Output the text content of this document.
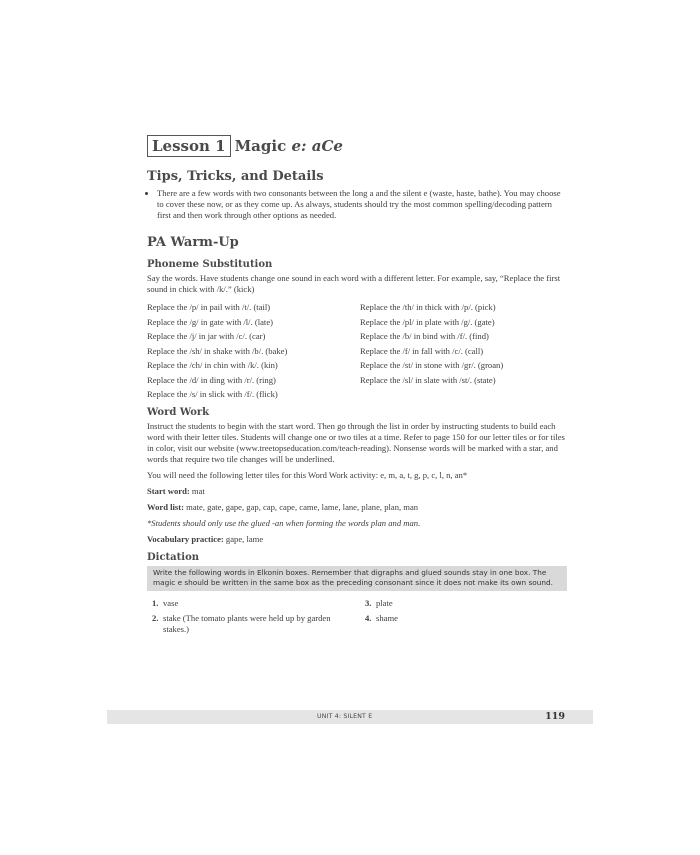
Lesson 1 Magic e: aCe
Tips, Tricks, and Details
• There are a few words with two consonants between the long a and the silent e (waste, haste, bathe). You may choose to cover these now, or as they come up. As always, students should try the most common spelling/decoding pattern first and then work through other options as needed.
PA Warm-Up
Phoneme Substitution

Say the words. Have students change one sound in each word with a different letter. For example, say, “Replace the first sound in chick with /k/.” (kick)

Replace the /p/ in pail with /t/. (tail)
Replace the /g/ in gate with /l/. (late)
Replace the /j/ in jar with /c/. (car)
Replace the /sh/ in shake with /b/. (bake)
Replace the /ch/ in chin with /k/. (kin)
Replace the /d/ in ding with /r/. (ring)
Replace the /s/ in slick with /f/. (flick)
Replace the /th/ in thick with /p/. (pick)
Replace the /pl/ in plate with /g/. (gate)
Replace the /b/ in bind with /f/. (find)
Replace the /f/ in fall with /c/. (call)
Replace the /st/ in stone with /gr/. (groan)
Replace the /sl/ in slate with /st/. (state)
Word Work

Instruct the students to begin with the start word. Then go through the list in order by instructing students to build each word with their letter tiles. Students will change one or two tiles at a time. Refer to page 150 for our letter tiles or for tiles in color, visit our website (www.treetopseducation.com/teach-reading). Nonsense words will be marked with a star, and words that require two tile changes will be underlined.

You will need the following letter tiles for this Word Work activity: e, m, a, t, g, p, c, l, n, an*

Start word: mat

Word list: mate, gate, gape, gap, cap, cape, came, lame, lane, plane, plan, man

*Students should only use the glued -an when forming the words plan and man.

Vocabulary practice: gape, lame

Dictation
Write the following words in Elkonin boxes. Remember that digraphs and glued sounds stay in one box. The magic e should be written in the same box as the preceding consonant since it does not make its own sound.
1. vase	3. plate
2. stake (The tomato plants were held up by garden stakes.)
4. shame
UNIT 4: SILENT E	119
